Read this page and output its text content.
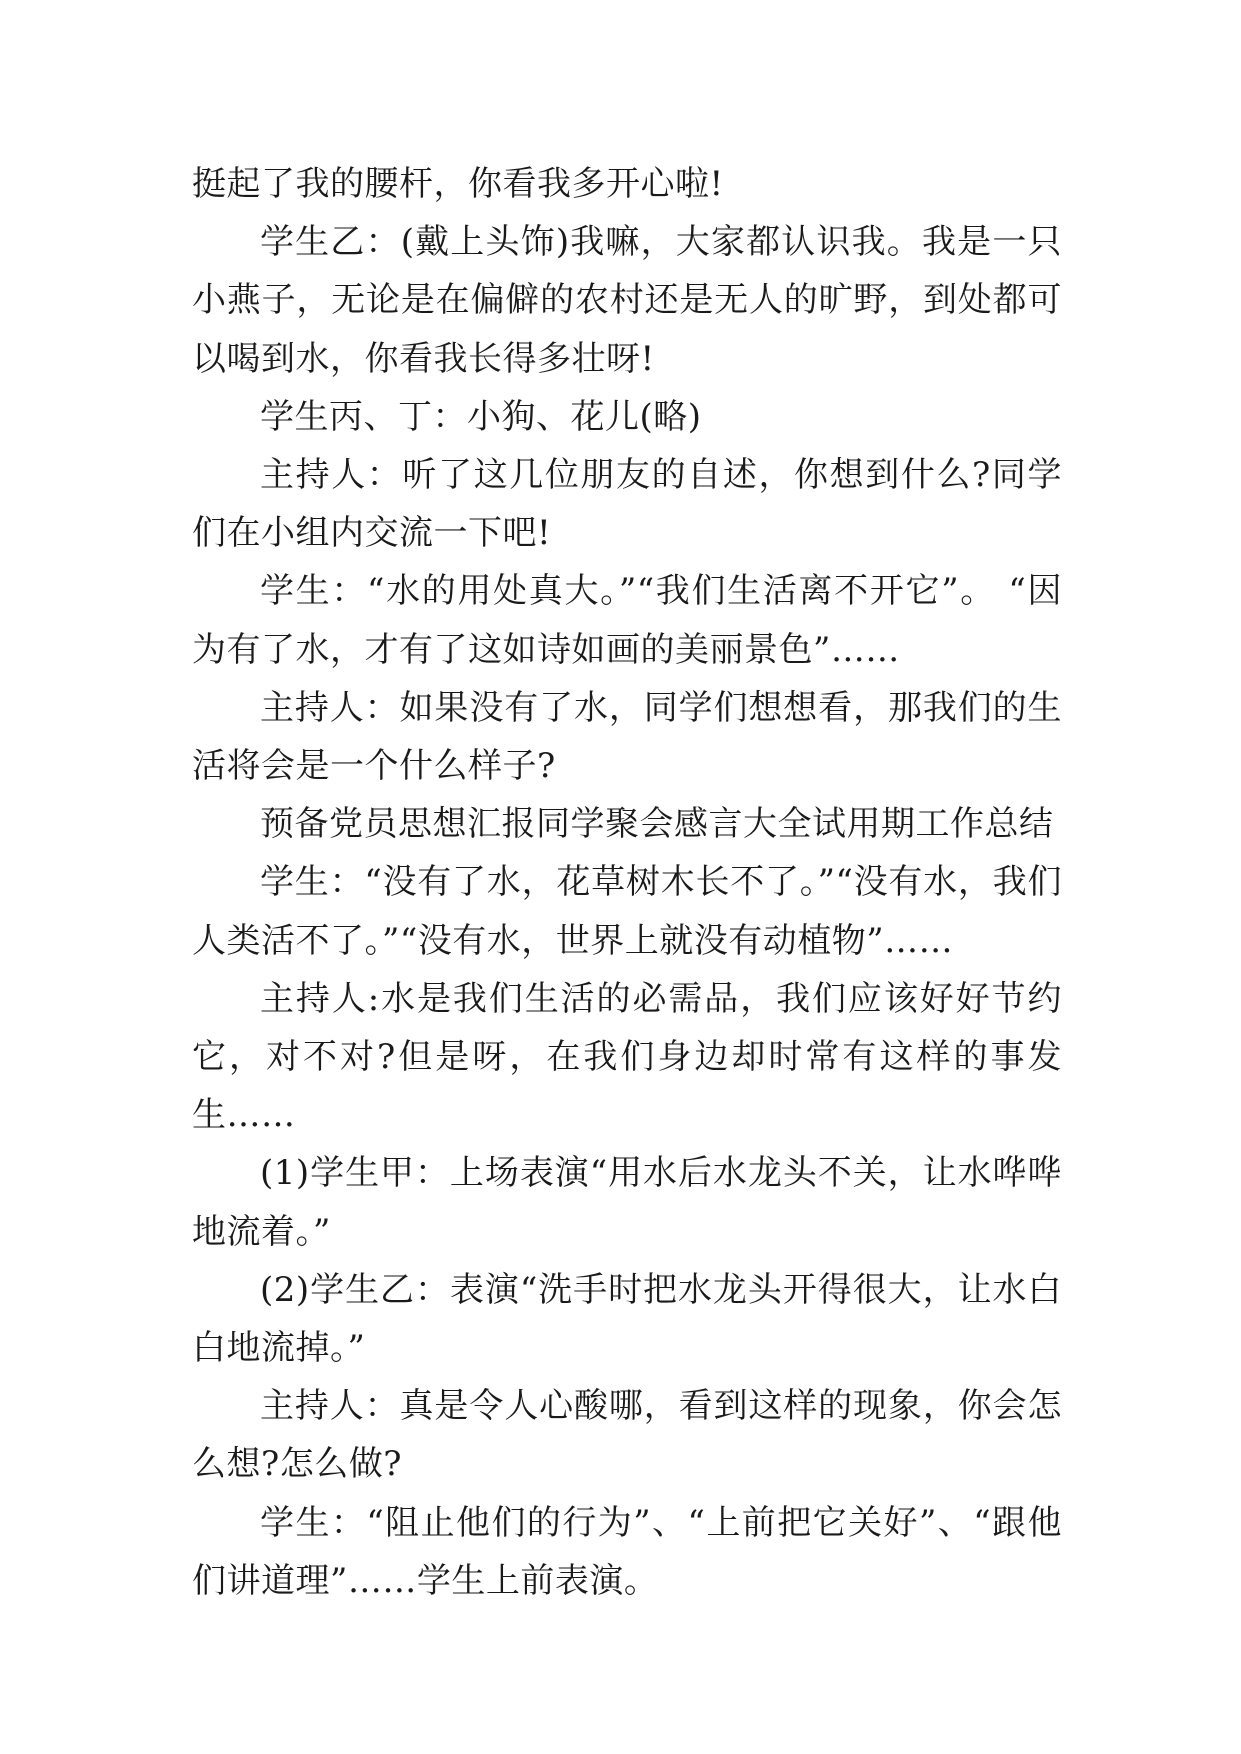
挺起了我的腰杆，你看我多开心啦!

学生乙：(戴上头饰)我嘛，大家都认识我。我是一只小燕子，无论是在偏僻的农村还是无人的旷野，到处都可以喝到水，你看我长得多壮呀!

学生丙、丁：小狗、花儿(略)

主持人：听了这几位朋友的自述，你想到什么?同学们在小组内交流一下吧!

学生：“水的用处真大。”“我们生活离不开它”。 “因为有了水，才有了这如诗如画的美丽景色”……

主持人：如果没有了水，同学们想想看，那我们的生活将会是一个什么样子?

预备党员思想汇报同学聚会感言大全试用期工作总结

学生：“没有了水，花草树木长不了。”“没有水，我们人类活不了。”“没有水，世界上就没有动植物”……

主持人:水是我们生活的必需品，我们应该好好节约它，对不对?但是呀，在我们身边却时常有这样的事发生……

(1)学生甲：上场表演“用水后水龙头不关，让水哗哗地流着。”

(2)学生乙：表演“洗手时把水龙头开得很大，让水白白地流掉。”

主持人：真是令人心酸哪，看到这样的现象，你会怎么想?怎么做?

学生：“阻止他们的行为”、“上前把它关好”、“跟他们讲道理”……学生上前表演。
